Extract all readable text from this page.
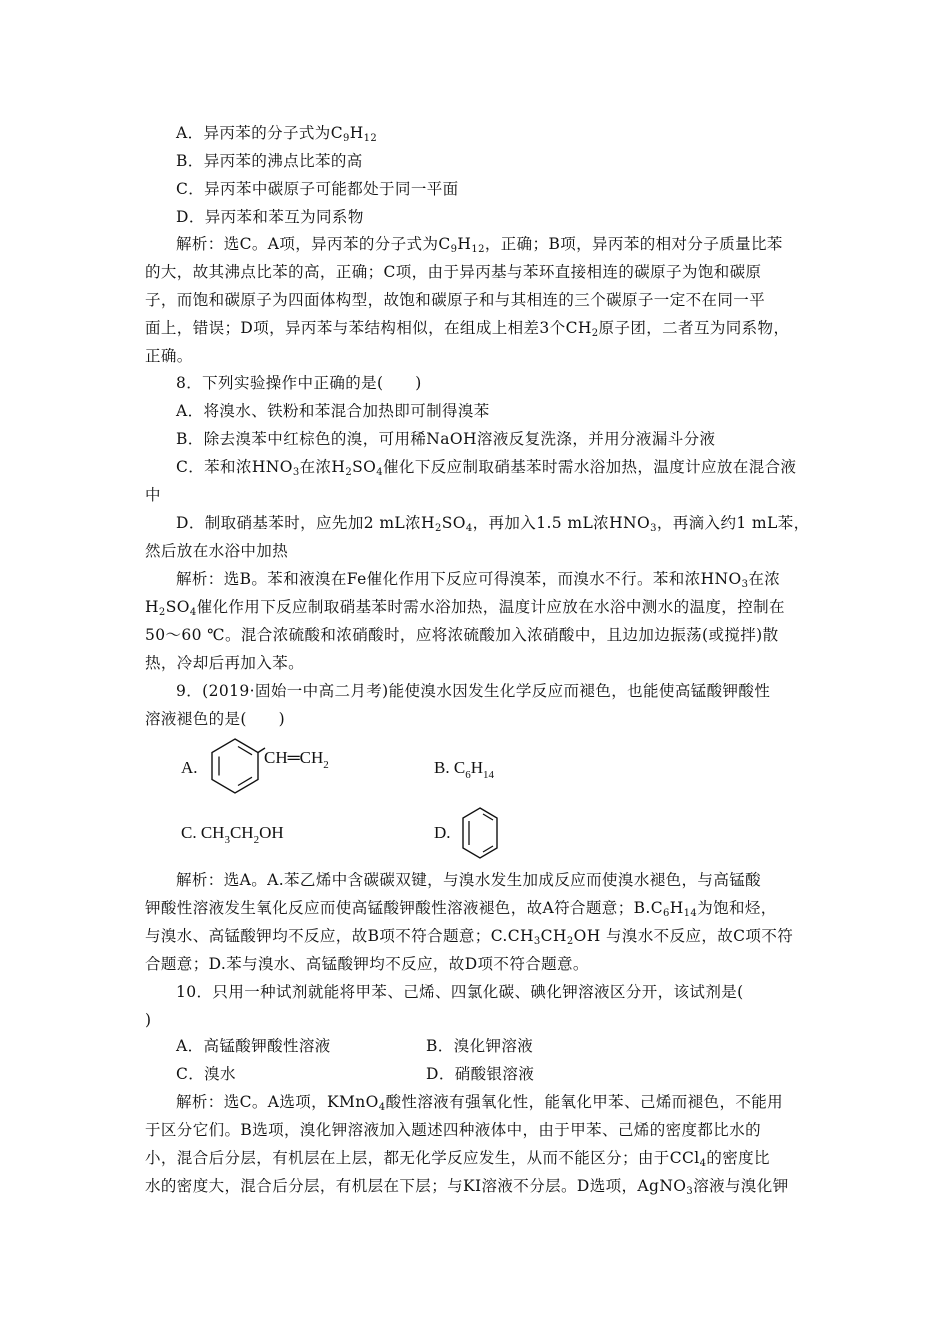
A．异丙苯的分子式为$C_9H_{12}$
B．异丙苯的沸点比苯的高
C．异丙苯中碳原子可能都处于同一平面
D．异丙苯和苯互为同系物
解析：选C。A项，异丙苯的分子式为$C_9H_{12}$，正确；B项，异丙苯的相对分子质量比苯
的大，故其沸点比苯的高，正确；C项，由于异丙基与苯环直接相连的碳原子为饱和碳原
子，而饱和碳原子为四面体构型，故饱和碳原子和与其相连的三个碳原子一定不在同一平
面上，错误；D项，异丙苯与苯结构相似，在组成上相差3个$CH_2$原子团，二者互为同系物，
正确。
8．下列实验操作中正确的是(　　)
A．将溴水、铁粉和苯混合加热即可制得溴苯
B．除去溴苯中红棕色的溴，可用稀NaOH溶液反复洗涤，并用分液漏斗分液
C．苯和浓$HNO_3$在浓$H_2SO_4$催化下反应制取硝基苯时需水浴加热，温度计应放在混合液
中
D．制取硝基苯时，应先加2 mL浓$H_2SO_4$，再加入1.5 mL浓$HNO_3$，再滴入约1 mL苯，
然后放在水浴中加热
解析：选B。苯和液溴在Fe催化作用下反应可得溴苯，而溴水不行。苯和浓$HNO_3$在浓
$H_2SO_4$催化作用下反应制取硝基苯时需水浴加热，温度计应放在水浴中测水的温度，控制在
50～60 ℃。混合浓硫酸和浓硝酸时，应将浓硫酸加入浓硝酸中，且边加边振荡(或搅拌)散
热，冷却后再加入苯。
9．(2019·固始一中高二月考)能使溴水因发生化学反应而褪色，也能使高锰酸钾酸性
溶液褪色的是(　　)
A.
$CH═CH_2$	B. $C_6H_{14}$
C. $CH_3CH_2OH$	D.
解析：选A。A.苯乙烯中含碳碳双键，与溴水发生加成反应而使溴水褪色，与高锰酸
钾酸性溶液发生氧化反应而使高锰酸钾酸性溶液褪色，故A符合题意；$B.C_6H_{14}$为饱和烃，
与溴水、高锰酸钾均不反应，故B项不符合题意；$C.CH_3CH_2OH$ 与溴水不反应，故C项不符
合题意；D.苯与溴水、高锰酸钾均不反应，故D项不符合题意。
10．只用一种试剂就能将甲苯、己烯、四氯化碳、碘化钾溶液区分开，该试剂是(
)
A．高锰酸钾酸性溶液	B．溴化钾溶液
C．溴水	D．硝酸银溶液
解析：选C。A选项，KMnO$_4$酸性溶液有强氧化性，能氧化甲苯、己烯而褪色，不能用
于区分它们。B选项，溴化钾溶液加入题述四种液体中，由于甲苯、己烯的密度都比水的
小，混合后分层，有机层在上层，都无化学反应发生，从而不能区分；由于CCl$_4$的密度比
水的密度大，混合后分层，有机层在下层；与KI溶液不分层。D选项，AgNO$_3$溶液与溴化钾
